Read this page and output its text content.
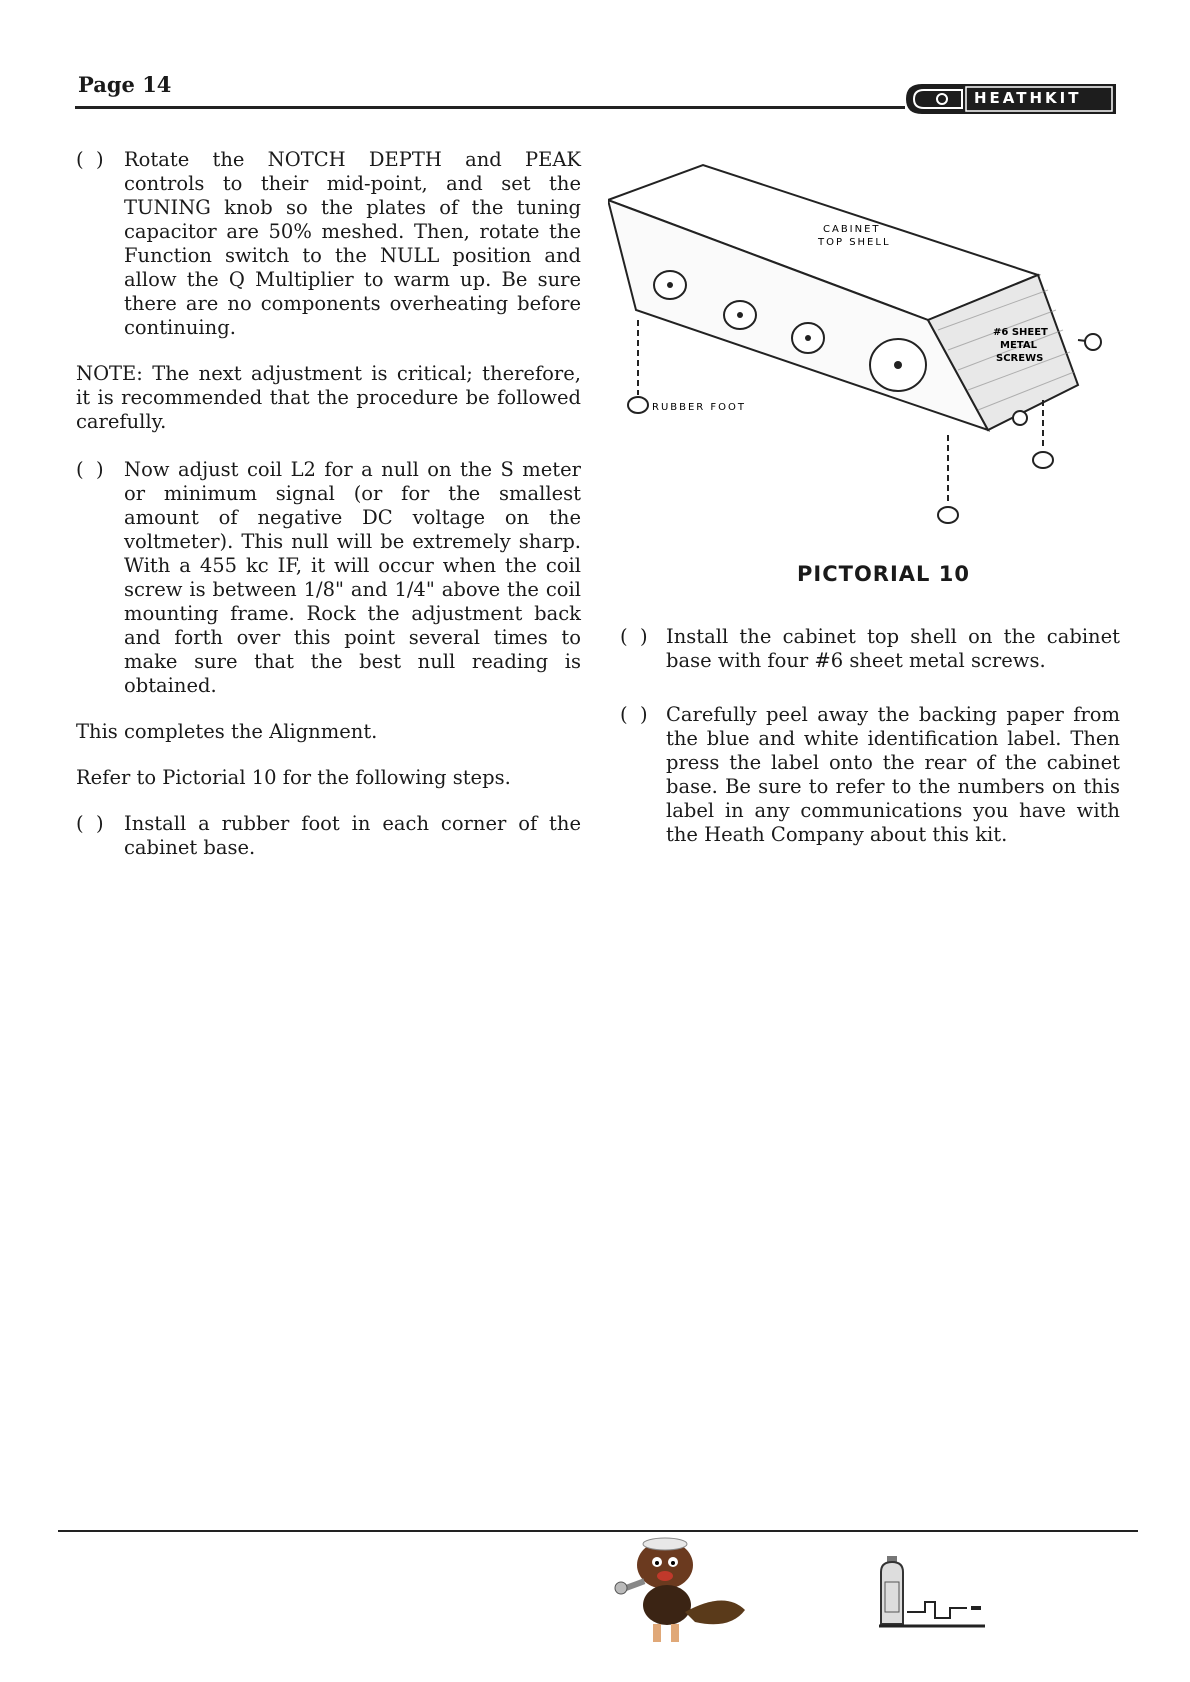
Page 14
HEATHKIT
(  )	Rotate the NOTCH DEPTH and PEAK controls to their mid-point, and set the TUNING knob so the plates of the tuning capacitor are 50% meshed. Then, rotate the Function switch to the NULL position and allow the Q Multiplier to warm up. Be sure there are no components overheating before continuing.

NOTE: The next adjustment is critical; therefore, it is recommended that the procedure be followed carefully.

(  )	Now adjust coil L2 for a null on the S meter or minimum signal (or for the smallest amount of negative DC voltage on the voltmeter). This null will be extremely sharp. With a 455 kc IF, it will occur when the coil screw is between 1/8" and 1/4" above the coil mounting frame. Rock the adjustment back and forth over this point several times to make sure that the best null reading is obtained.

This completes the Alignment.

Refer to Pictorial 10 for the following steps.

(  )	Install a rubber foot in each corner of the cabinet base.
CABINET
TOP SHELL
#6 SHEET
METAL
SCREWS
RUBBER FOOT
PICTORIAL 10
(  ) Install the cabinet top shell on the cabinet base with four #6 sheet metal screws.
(  ) Carefully peel away the backing paper from the blue and white identification label. Then press the label onto the rear of the cabinet base. Be sure to refer to the numbers on this label in any communications you have with the Heath Company about this kit.
